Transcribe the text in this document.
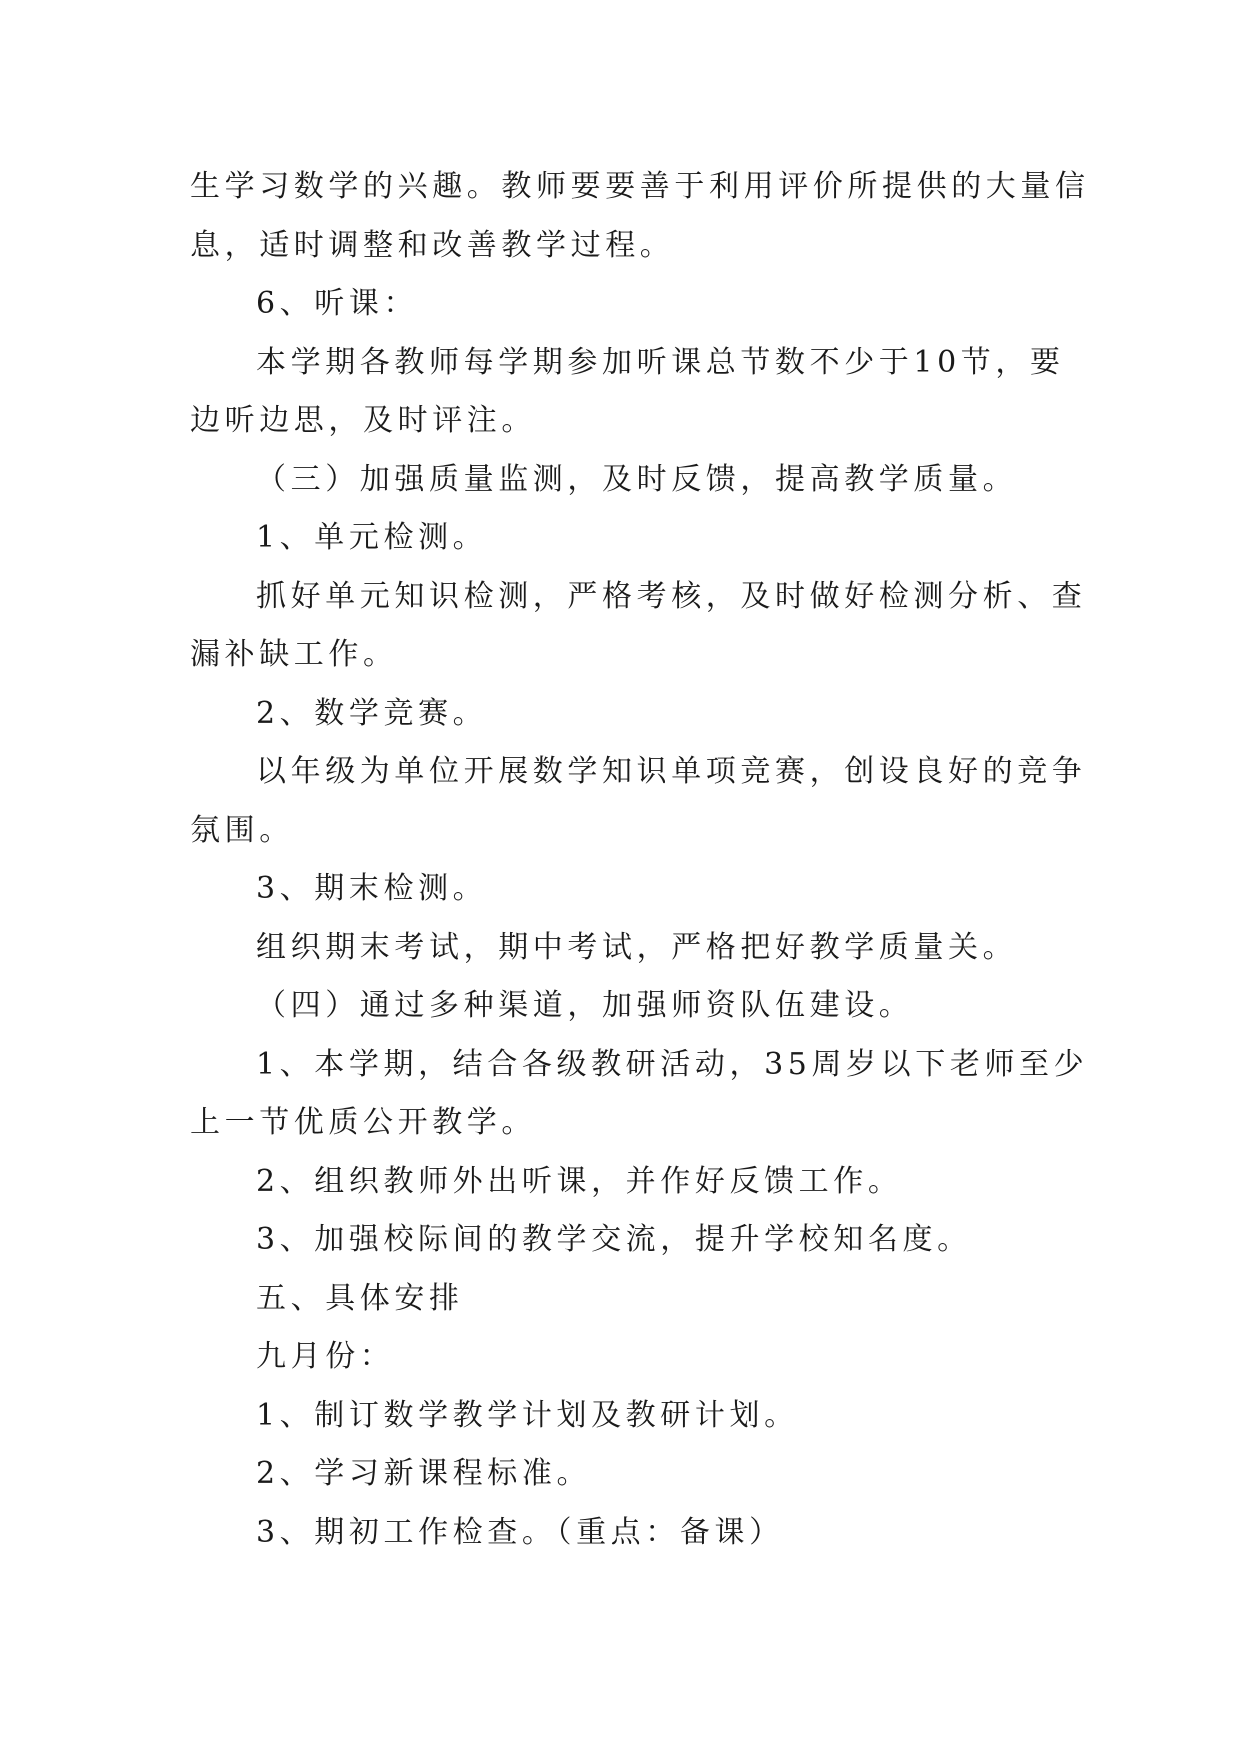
生学习数学的兴趣。教师要要善于利用评价所提供的大量信
息，适时调整和改善教学过程。
6、听课：
本学期各教师每学期参加听课总节数不少于10节，要
边听边思，及时评注。
（三）加强质量监测，及时反馈，提高教学质量。
1、单元检测。
抓好单元知识检测，严格考核，及时做好检测分析、查
漏补缺工作。
2、数学竞赛。
以年级为单位开展数学知识单项竞赛，创设良好的竞争
氛围。
3、期末检测。
组织期末考试，期中考试，严格把好教学质量关。
（四）通过多种渠道，加强师资队伍建设。
1、本学期，结合各级教研活动，35周岁以下老师至少
上一节优质公开教学。
2、组织教师外出听课，并作好反馈工作。
3、加强校际间的教学交流，提升学校知名度。
五、具体安排
九月份：
1、制订数学教学计划及教研计划。
2、学习新课程标准。
3、期初工作检查。（重点：备课）
